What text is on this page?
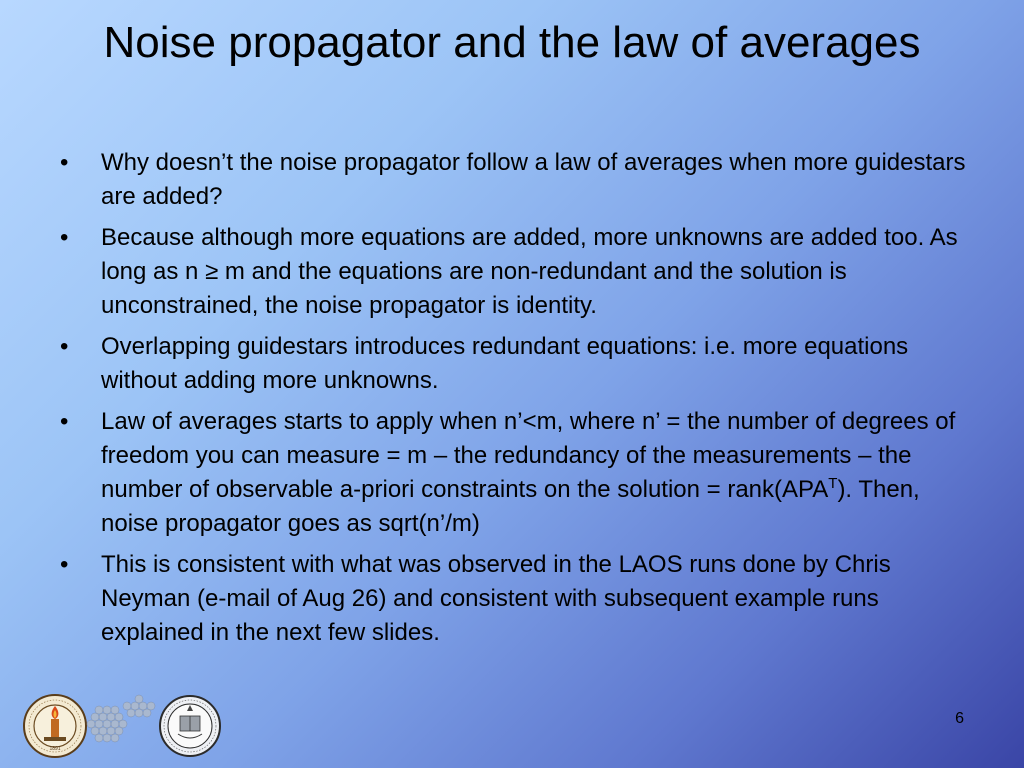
Noise propagator and the law of averages
• Why doesn’t the noise propagator follow a law of averages when more guidestars are added?
• Because although more equations are added, more unknowns are added too. As long as n ≥ m and the equations are non-redundant and the solution is unconstrained, the noise propagator is identity.
• Overlapping guidestars introduces redundant equations: i.e. more equations without adding more unknowns.
• Law of averages starts to apply when n’<m, where n’ = the number of degrees of freedom you can measure = m – the redundancy of the measurements – the number of observable a-priori constraints on the solution = $rank(APA^T)$. Then, noise propagator goes as sqrt(n’/m)
• This is consistent with what was observed in the LAOS runs done by Chris Neyman (e-mail of Aug 26) and consistent with subsequent example runs explained in the next few slides.
6
1891
